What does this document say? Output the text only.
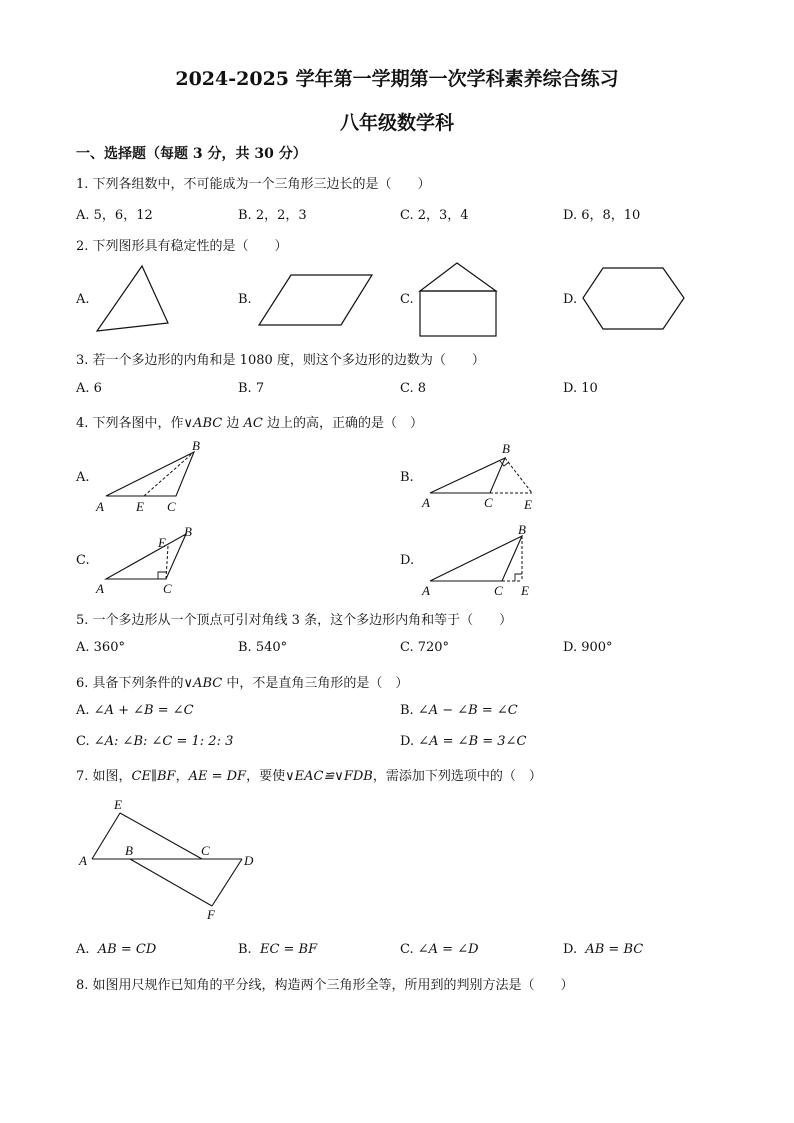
2024-2025 学年第一学期第一次学科素养综合练习
八年级数学科
一、选择题（每题 3 分，共 30 分）
1. 下列各组数中，不可能成为一个三角形三边长的是（　　）
A. 5，6，12	B. 2，2，3	C. 2，3，4	D. 6，8，10
2. 下列图形具有稳定性的是（　　）
A.	B.	C.	D.
3. 若一个多边形的内角和是 1080 度，则这个多边形的边数为（　　）
A. 6	B. 7	C. 8	D. 10
4. 下列各图中，作∨ABC 边 AC 边上的高，正确的是（　）
A.	B.
C.	D.
A E C
B
A	C E
B
A	C
E
B
A	C E
B
5. 一个多边形从一个顶点可引对角线 3 条，这个多边形内角和等于（　　）
A. 360°	B. 540°	C. 720°	D. 900°
6. 具备下列条件的∨ABC 中，不是直角三角形的是（　）
A. ∠A + ∠B = ∠C	B. ∠A − ∠B = ∠C
C. ∠A: ∠B: ∠C = 1: 2: 3	D. ∠A = ∠B = 3∠C
7. 如图，CE∥BF，AE = DF，要使∨EAC≌∨FDB，需添加下列选项中的（　）
E
A
B	C
D
F
A. AB = CD	B. EC = BF	C. ∠A = ∠D	D. AB = BC
8. 如图用尺规作已知角的平分线，构造两个三角形全等，所用到的判别方法是（　　）
